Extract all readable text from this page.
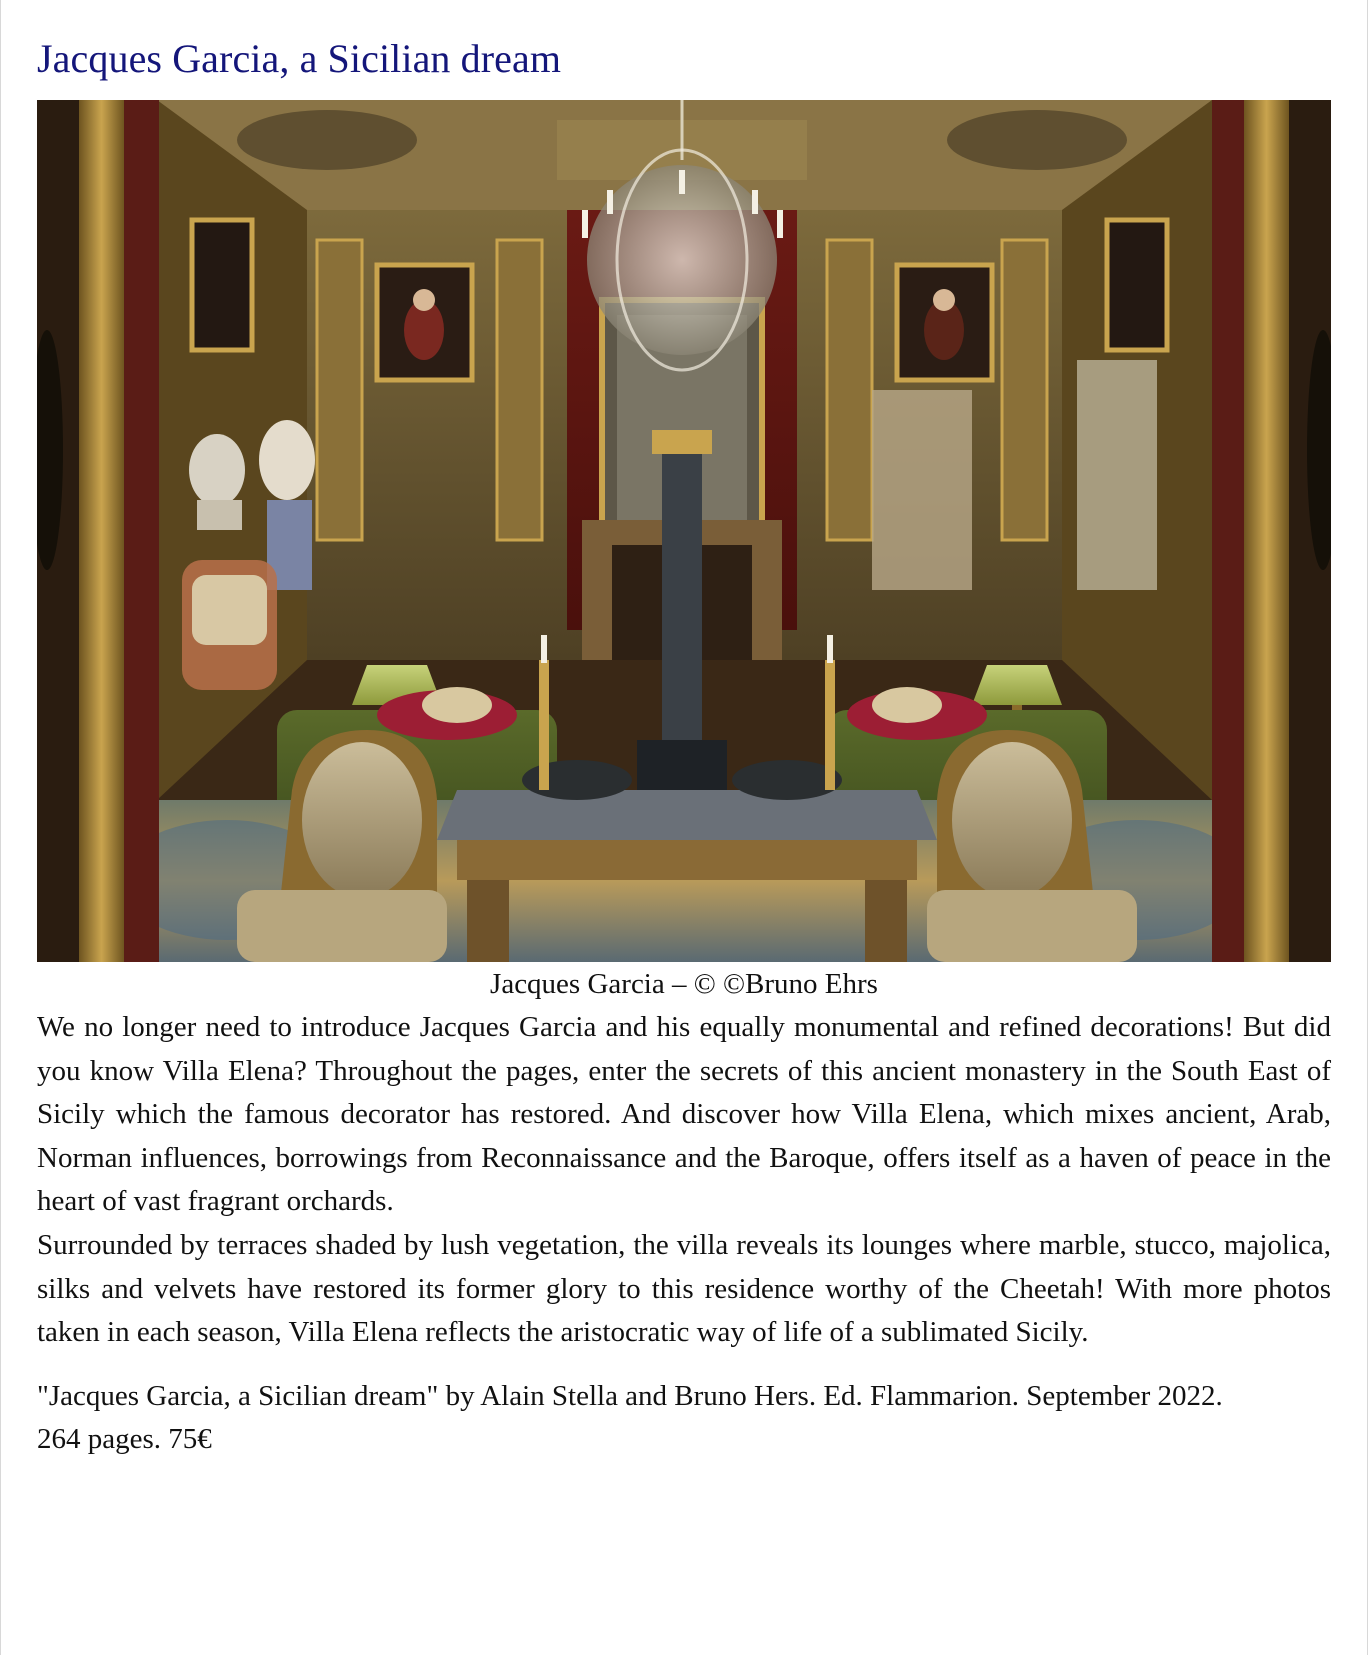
Jacques Garcia, a Sicilian dream
Jacques Garcia – © ©Bruno Ehrs

We no longer need to introduce Jacques Garcia and his equally monumental and refined decorations! But did you know Villa Elena? Throughout the pages, enter the secrets of this ancient monastery in the South East of Sicily which the famous decorator has restored. And discover how Villa Elena, which mixes ancient, Arab, Norman influences, borrowings from Reconnaissance and the Baroque, offers itself as a haven of peace in the heart of vast fragrant orchards.

Surrounded by terraces shaded by lush vegetation, the villa reveals its lounges where marble, stucco, majolica, silks and velvets have restored its former glory to this residence worthy of the Cheetah! With more photos taken in each season, Villa Elena reflects the aristocratic way of life of a sublimated Sicily.

"Jacques Garcia, a Sicilian dream" by Alain Stella and Bruno Hers. Ed. Flammarion. September 2022.
264 pages. 75€
